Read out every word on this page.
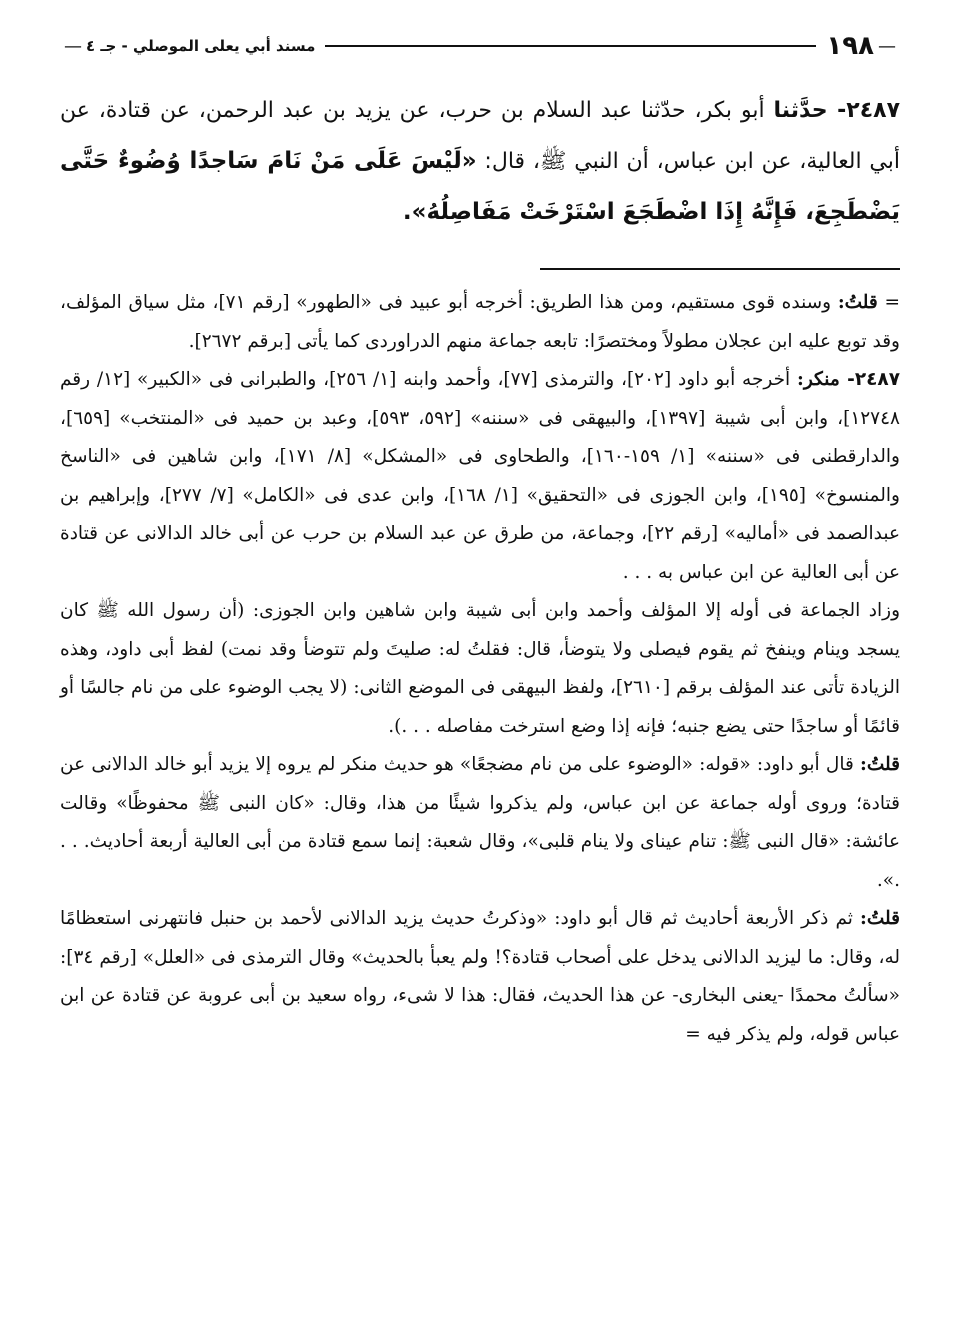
—
١٩٨
مسند أبي يعلى الموصلي - جـ ٤
—

٢٤٨٧- حدَّثنا أبو بكر، حدّثنا عبد السلام بن حرب، عن يزيد بن عبد الرحمن، عن قتادة، عن أبي العالية، عن ابن عباس، أن النبي ﷺ، قال: «لَيْسَ عَلَى مَنْ نَامَ سَاجدًا وُضُوءٌ حَتَّى يَضْطَجِعَ، فَإِنَّهُ إِذَا اضْطَجَعَ اسْتَرْخَتْ مَفَاصِلُهُ».

= قلتُ: وسنده قوى مستقيم، ومن هذا الطريق: أخرجه أبو عبيد فى «الطهور» [رقم ٧١]، مثل سياق المؤلف، وقد توبع عليه ابن عجلان مطولاً ومختصرًا: تابعه جماعة منهم الدراوردى كما يأتى [برقم ٢٦٧٢].

٢٤٨٧- منكر: أخرجه أبو داود [٢٠٢]، والترمذى [٧٧]، وأحمد وابنه [١/ ٢٥٦]، والطبرانى فى «الكبير» [١٢/ رقم ١٢٧٤٨]، وابن أبى شيبة [١٣٩٧]، والبيهقى فى «سننه» [٥٩٢، ٥٩٣]، وعبد بن حميد فى «المنتخب» [٦٥٩]، والدارقطنى فى «سننه» [١/ ١٥٩-١٦٠]، والطحاوى فى «المشكل» [٨/ ١٧١]، وابن شاهين فى «الناسخ والمنسوخ» [١٩٥]، وابن الجوزى فى «التحقيق» [١/ ١٦٨]، وابن عدى فى «الكامل» [٧/ ٢٧٧]، وإبراهيم بن عبدالصمد فى «أماليه» [رقم ٢٢]، وجماعة، من طرق عن عبد السلام بن حرب عن أبى خالد الدالانى عن قتادة عن أبى العالية عن ابن عباس به . . .

وزاد الجماعة فى أوله إلا المؤلف وأحمد وابن أبى شيبة وابن شاهين وابن الجوزى: (أن رسول الله ﷺ كان يسجد وينام وينفخ ثم يقوم فيصلى ولا يتوضأ، قال: فقلتُ له: صليتَ ولم تتوضأ وقد نمت) لفظ أبى داود، وهذه الزيادة تأتى عند المؤلف برقم [٢٦١٠]، ولفظ البيهقى فى الموضع الثانى: (لا يجب الوضوء على من نام جالسًا أو قائمًا أو ساجدًا حتى يضع جنبه؛ فإنه إذا وضع استرخت مفاصله . . .).

قلتُ: قال أبو داود: «قوله: «الوضوء على من نام مضجعًا» هو حديث منكر لم يروه إلا يزيد أبو خالد الدالانى عن قتادة؛ وروى أوله جماعة عن ابن عباس، ولم يذكروا شيئًا من هذا، وقال: «كان النبى ﷺ محفوظًا» وقالت عائشة: «قال النبى ﷺ: تنام عيناى ولا ينام قلبى»، وقال شعبة: إنما سمع قتادة من أبى العالية أربعة أحاديث. . . .».

قلتُ: ثم ذكر الأربعة أحاديث ثم قال أبو داود: «وذكرتُ حديث يزيد الدالانى لأحمد بن حنبل فانتهرنى استعظامًا له، وقال: ما ليزيد الدالانى يدخل على أصحاب قتادة؟! ولم يعبأ بالحديث» وقال الترمذى فى «العلل» [رقم ٣٤]: «سألتُ محمدًا -يعنى البخارى- عن هذا الحديث، فقال: هذا لا شىء، رواه سعيد بن أبى عروبة عن قتادة عن ابن عباس قوله، ولم يذكر فيه =
